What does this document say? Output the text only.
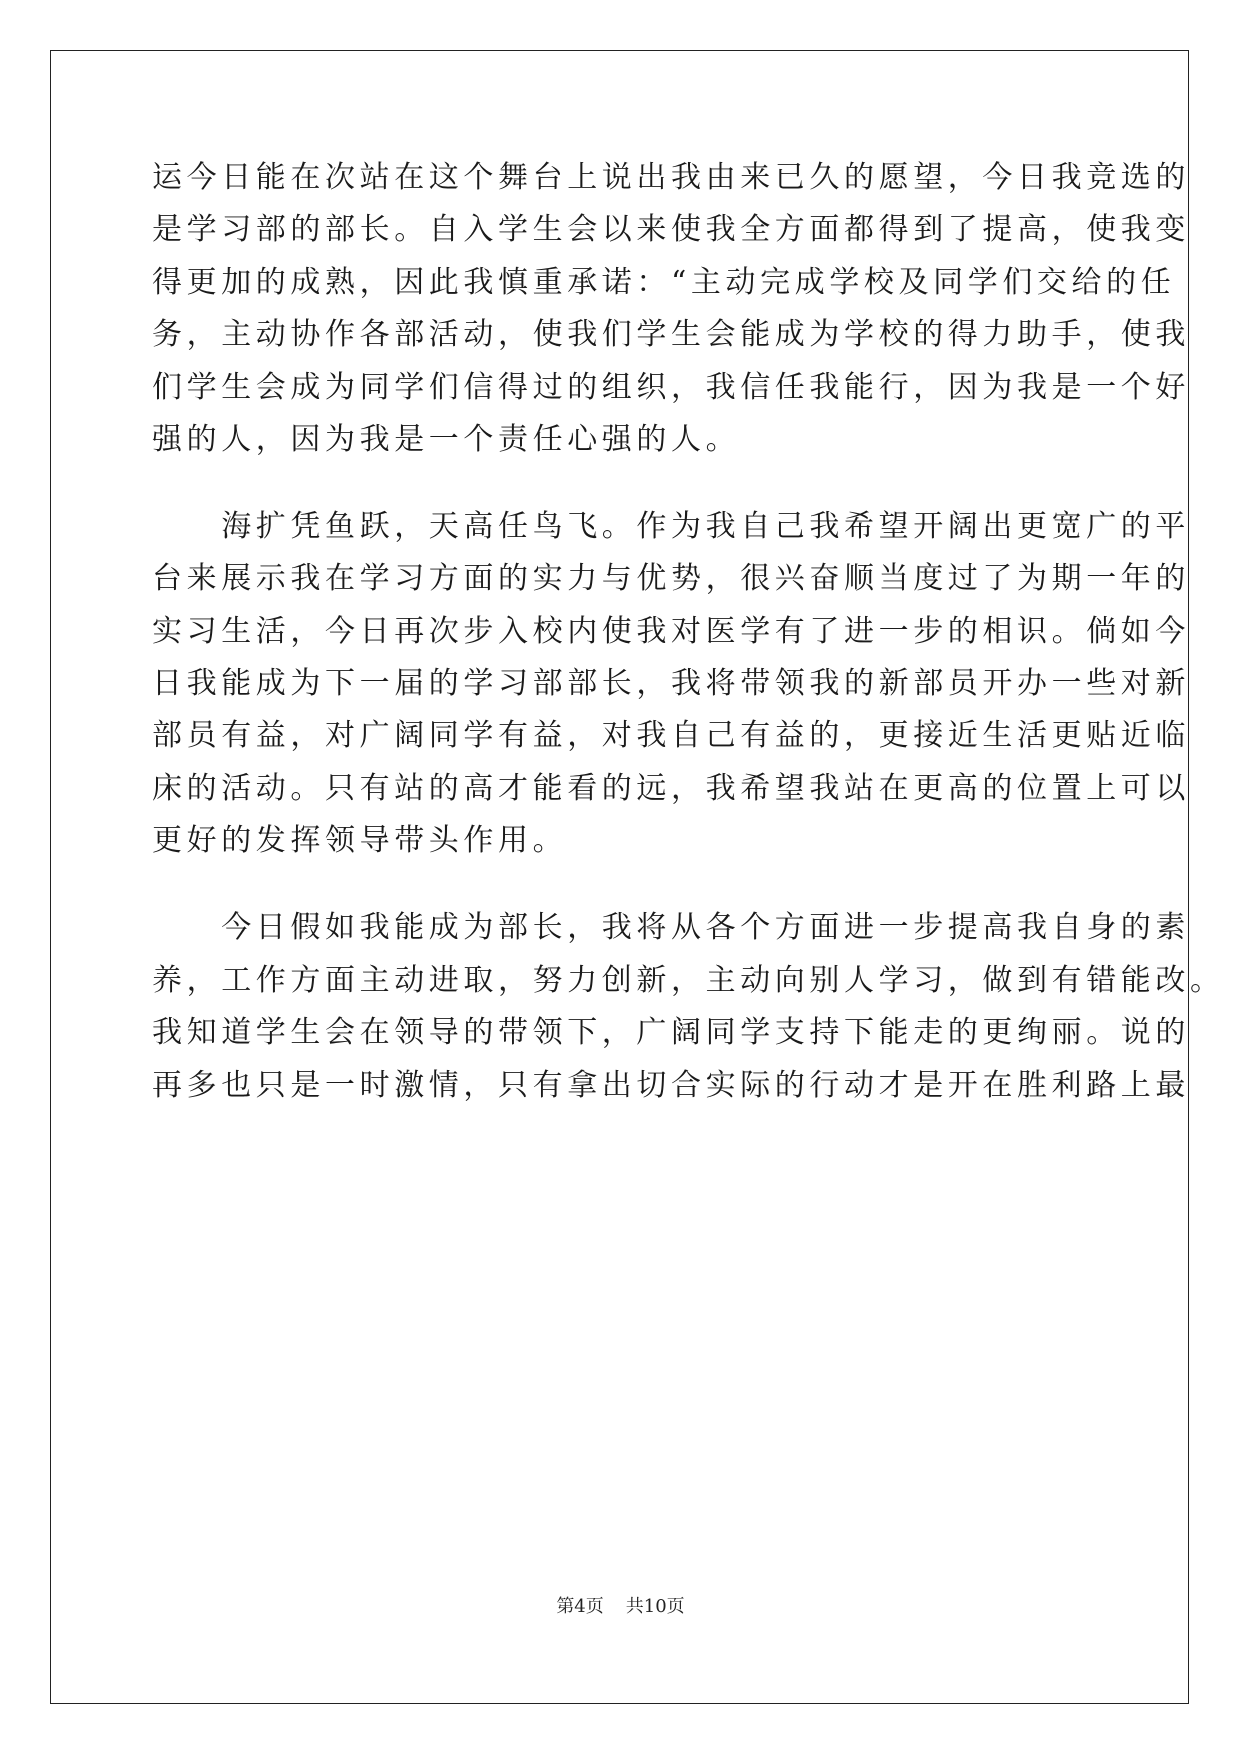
运今日能在次站在这个舞台上说出我由来已久的愿望，今日我竞选的
是学习部的部长。自入学生会以来使我全方面都得到了提高，使我变
得更加的成熟，因此我慎重承诺：“主动完成学校及同学们交给的任
务，主动协作各部活动，使我们学生会能成为学校的得力助手，使我
们学生会成为同学们信得过的组织，我信任我能行，因为我是一个好
强的人，因为我是一个责任心强的人。
　　海扩凭鱼跃，天高任鸟飞。作为我自己我希望开阔出更宽广的平
台来展示我在学习方面的实力与优势，很兴奋顺当度过了为期一年的
实习生活，今日再次步入校内使我对医学有了进一步的相识。倘如今
日我能成为下一届的学习部部长，我将带领我的新部员开办一些对新
部员有益，对广阔同学有益，对我自己有益的，更接近生活更贴近临
床的活动。只有站的高才能看的远，我希望我站在更高的位置上可以
更好的发挥领导带头作用。
　　今日假如我能成为部长，我将从各个方面进一步提高我自身的素
养，工作方面主动进取，努力创新，主动向别人学习，做到有错能改。
我知道学生会在领导的带领下，广阔同学支持下能走的更绚丽。说的
再多也只是一时激情，只有拿出切合实际的行动才是开在胜利路上最
第4页 共10页
